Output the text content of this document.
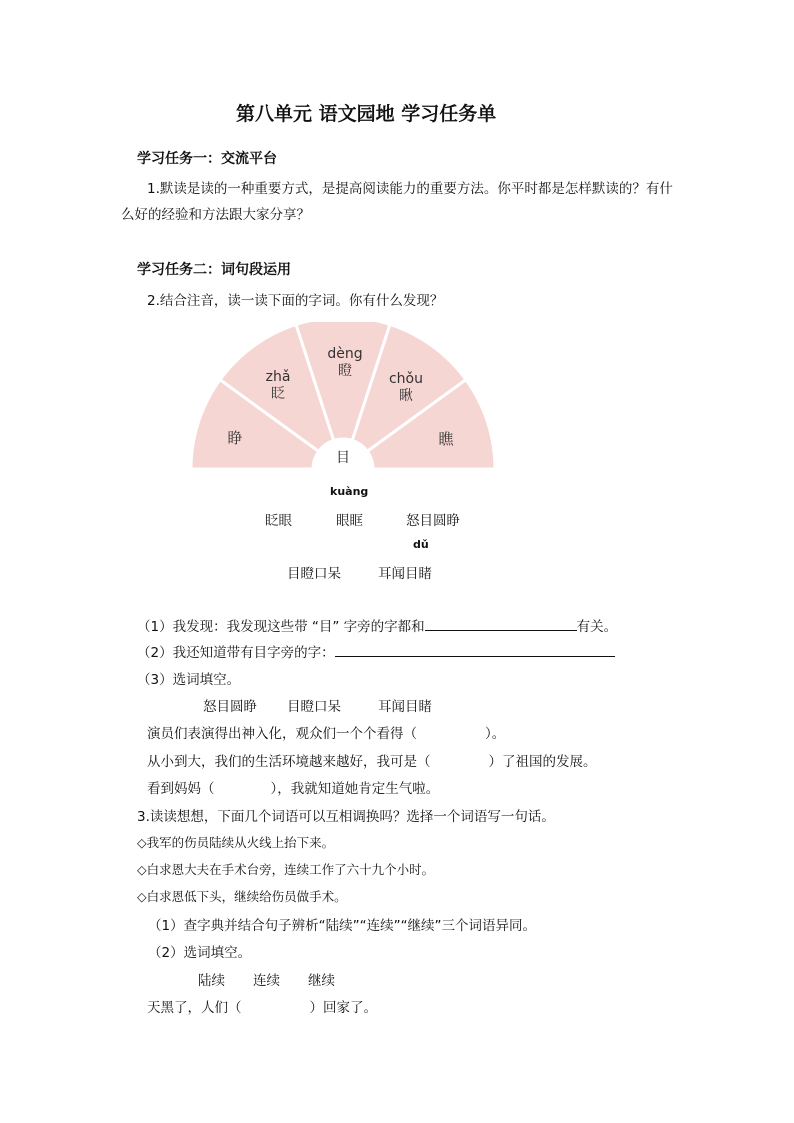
第八单元 语文园地 学习任务单
学习任务一：交流平台
1.默读是读的一种重要方式，是提高阅读能力的重要方法。你平时都是怎样默读的？有什
么好的经验和方法跟大家分享？
学习任务二：词句段运用
2.结合注音，读一读下面的字词。你有什么发现？
目
睁
zhǎ
眨
dèng
瞪	chǒu
瞅
瞧
kuàng
眨眼	眼眶	怒目圆睁
dǔ
目瞪口呆	耳闻目睹
（1）我发现：我发现这些带 “目” 字旁的字都和	有关。
（2）我还知道带有目字旁的字：
（3）选词填空。
怒目圆睁 目瞪口呆	耳闻目睹
演员们表演得出神入化，观众们一个个看得（	）。
从小到大，我们的生活环境越来越好，我可是（	）了祖国的发展。
看到妈妈（	），我就知道她肯定生气啦。
3.读读想想，下面几个词语可以互相调换吗？选择一个词语写一句话。
◇我军的伤员陆续从火线上抬下来。
◇白求恩大夫在手术台旁，连续工作了六十九个小时。
◇白求恩低下头，继续给伤员做手术。
（1）查字典并结合句子辨析“陆续”“连续”“继续”三个词语异同。
（2）选词填空。
陆续 连续 继续
天黑了，人们（	）回家了。
